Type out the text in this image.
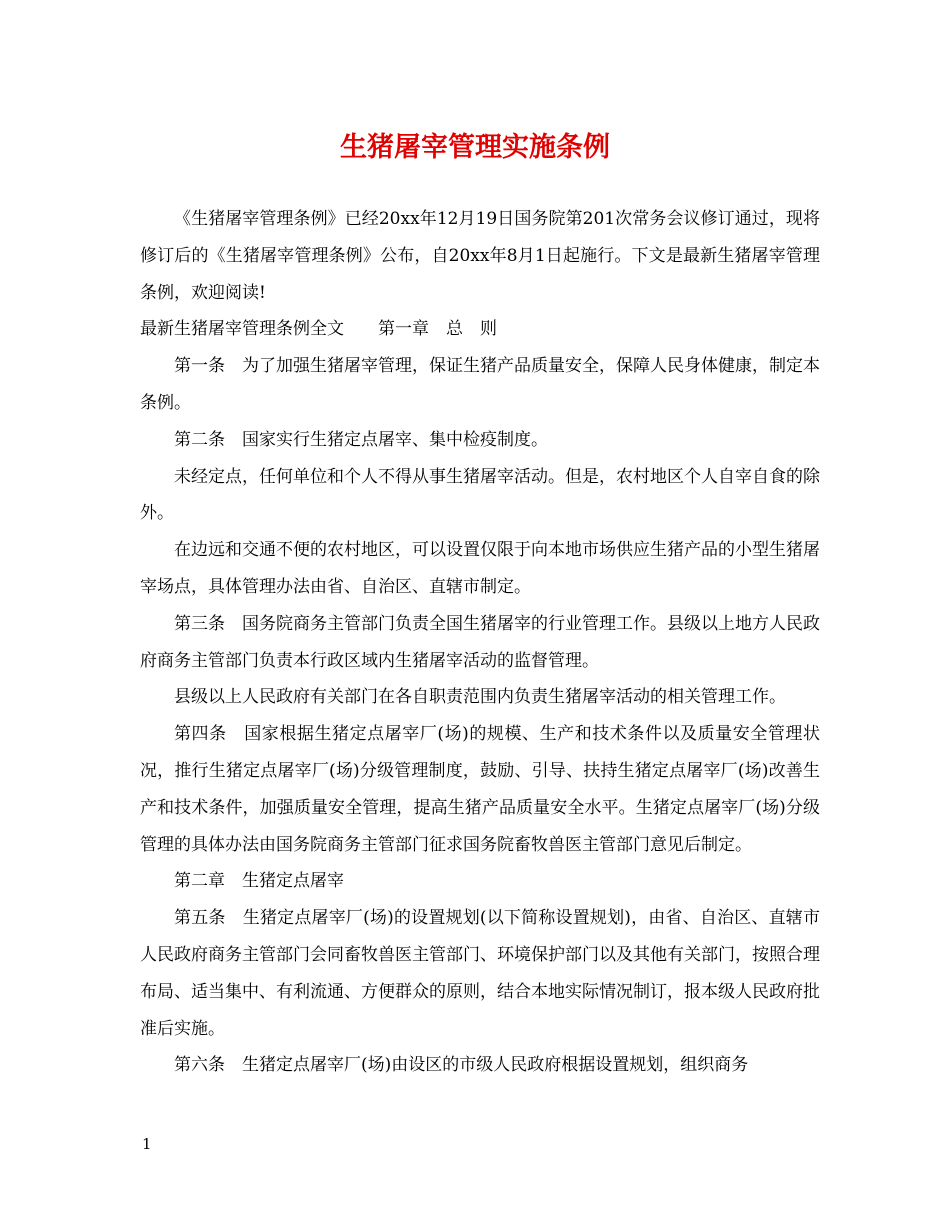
生猪屠宰管理实施条例

《生猪屠宰管理条例》已经20xx年12月19日国务院第201次常务会议修订通过，现将修订后的《生猪屠宰管理条例》公布，自20xx年8月1日起施行。下文是最新生猪屠宰管理条例，欢迎阅读!

最新生猪屠宰管理条例全文　　第一章　总　则

第一条　为了加强生猪屠宰管理，保证生猪产品质量安全，保障人民身体健康，制定本条例。

第二条　国家实行生猪定点屠宰、集中检疫制度。

未经定点，任何单位和个人不得从事生猪屠宰活动。但是，农村地区个人自宰自食的除外。

在边远和交通不便的农村地区，可以设置仅限于向本地市场供应生猪产品的小型生猪屠宰场点，具体管理办法由省、自治区、直辖市制定。

第三条　国务院商务主管部门负责全国生猪屠宰的行业管理工作。县级以上地方人民政府商务主管部门负责本行政区域内生猪屠宰活动的监督管理。

县级以上人民政府有关部门在各自职责范围内负责生猪屠宰活动的相关管理工作。

第四条　国家根据生猪定点屠宰厂(场)的规模、生产和技术条件以及质量安全管理状况，推行生猪定点屠宰厂(场)分级管理制度，鼓励、引导、扶持生猪定点屠宰厂(场)改善生产和技术条件，加强质量安全管理，提高生猪产品质量安全水平。生猪定点屠宰厂(场)分级管理的具体办法由国务院商务主管部门征求国务院畜牧兽医主管部门意见后制定。

第二章　生猪定点屠宰

第五条　生猪定点屠宰厂(场)的设置规划(以下简称设置规划)，由省、自治区、直辖市人民政府商务主管部门会同畜牧兽医主管部门、环境保护部门以及其他有关部门，按照合理布局、适当集中、有利流通、方便群众的原则，结合本地实际情况制订，报本级人民政府批准后实施。

第六条　生猪定点屠宰厂(场)由设区的市级人民政府根据设置规划，组织商务

1
